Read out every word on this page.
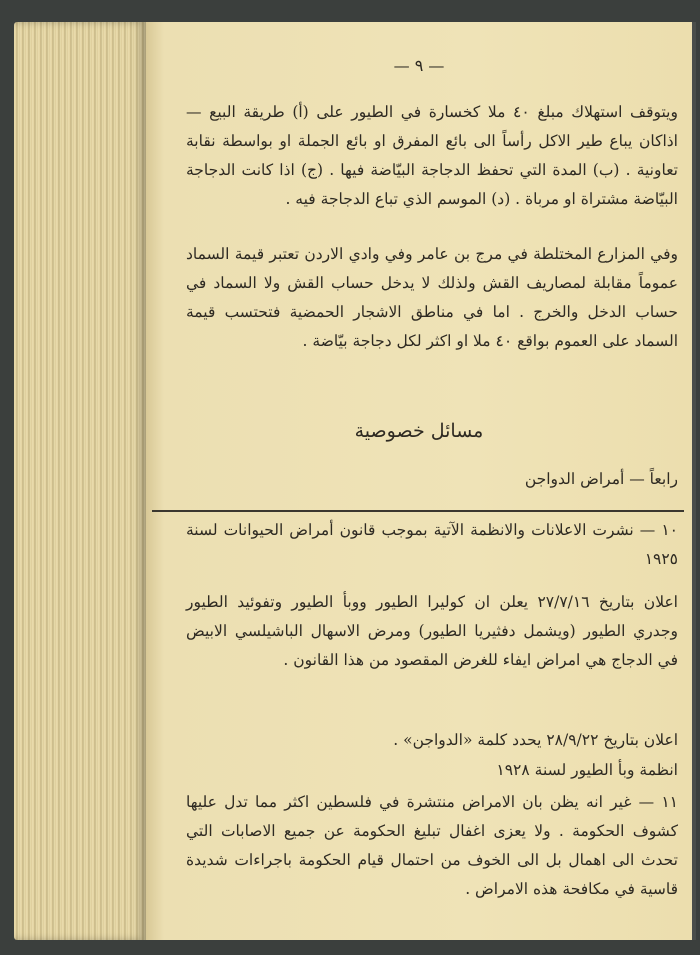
— ٩ —
ويتوقف استهلاك مبلغ ٤٠ ملا كخسارة في الطيور على (أ) طريقة البيع — اذاكان يباع طير الاكل رأساً الى بائع المفرق او بائع الجملة او بواسطة نقابة تعاونية . (ب) المدة التي تحفظ الدجاجة البيّاضة فيها . (ج) اذا كانت الدجاجة البيّاضة مشتراة او مرباة . (د) الموسم الذي تباع الدجاجة فيه .
وفي المزارع المختلطة في مرج بن عامر وفي وادي الاردن تعتبر قيمة السماد عموماً مقابلة لمصاريف القش ولذلك لا يدخل حساب القش ولا السماد في حساب الدخل والخرج . اما في مناطق الاشجار الحمضية فتحتسب قيمة السماد على العموم بواقع ٤٠ ملا او اكثر لكل دجاجة بيّاضة .
مسائل خصوصية
رابعاً — أمراض الدواجن
١٠ — نشرت الاعلانات والانظمة الآتية بموجب قانون أمراض الحيوانات لسنة ١٩٢٥
اعلان بتاريخ ٢٧/٧/١٦ يعلن ان كوليرا الطيور ووبأ الطيور وتفوئيد الطيور وجدري الطيور (ويشمل دفثيريا الطيور) ومرض الاسهال الباشيلسي الابيض في الدجاج هي امراض ايفاء للغرض المقصود من هذا القانون .
اعلان بتاريخ ٢٨/٩/٢٢ يحدد كلمة «الدواجن» .
انظمة وبأ الطيور لسنة ١٩٢٨
١١ — غير انه يظن بان الامراض منتشرة في فلسطين اكثر مما تدل عليها كشوف الحكومة . ولا يعزى اغفال تبليغ الحكومة عن جميع الاصابات التي تحدث الى اهمال بل الى الخوف من احتمال قيام الحكومة باجراءات شديدة قاسية في مكافحة هذه الامراض .
